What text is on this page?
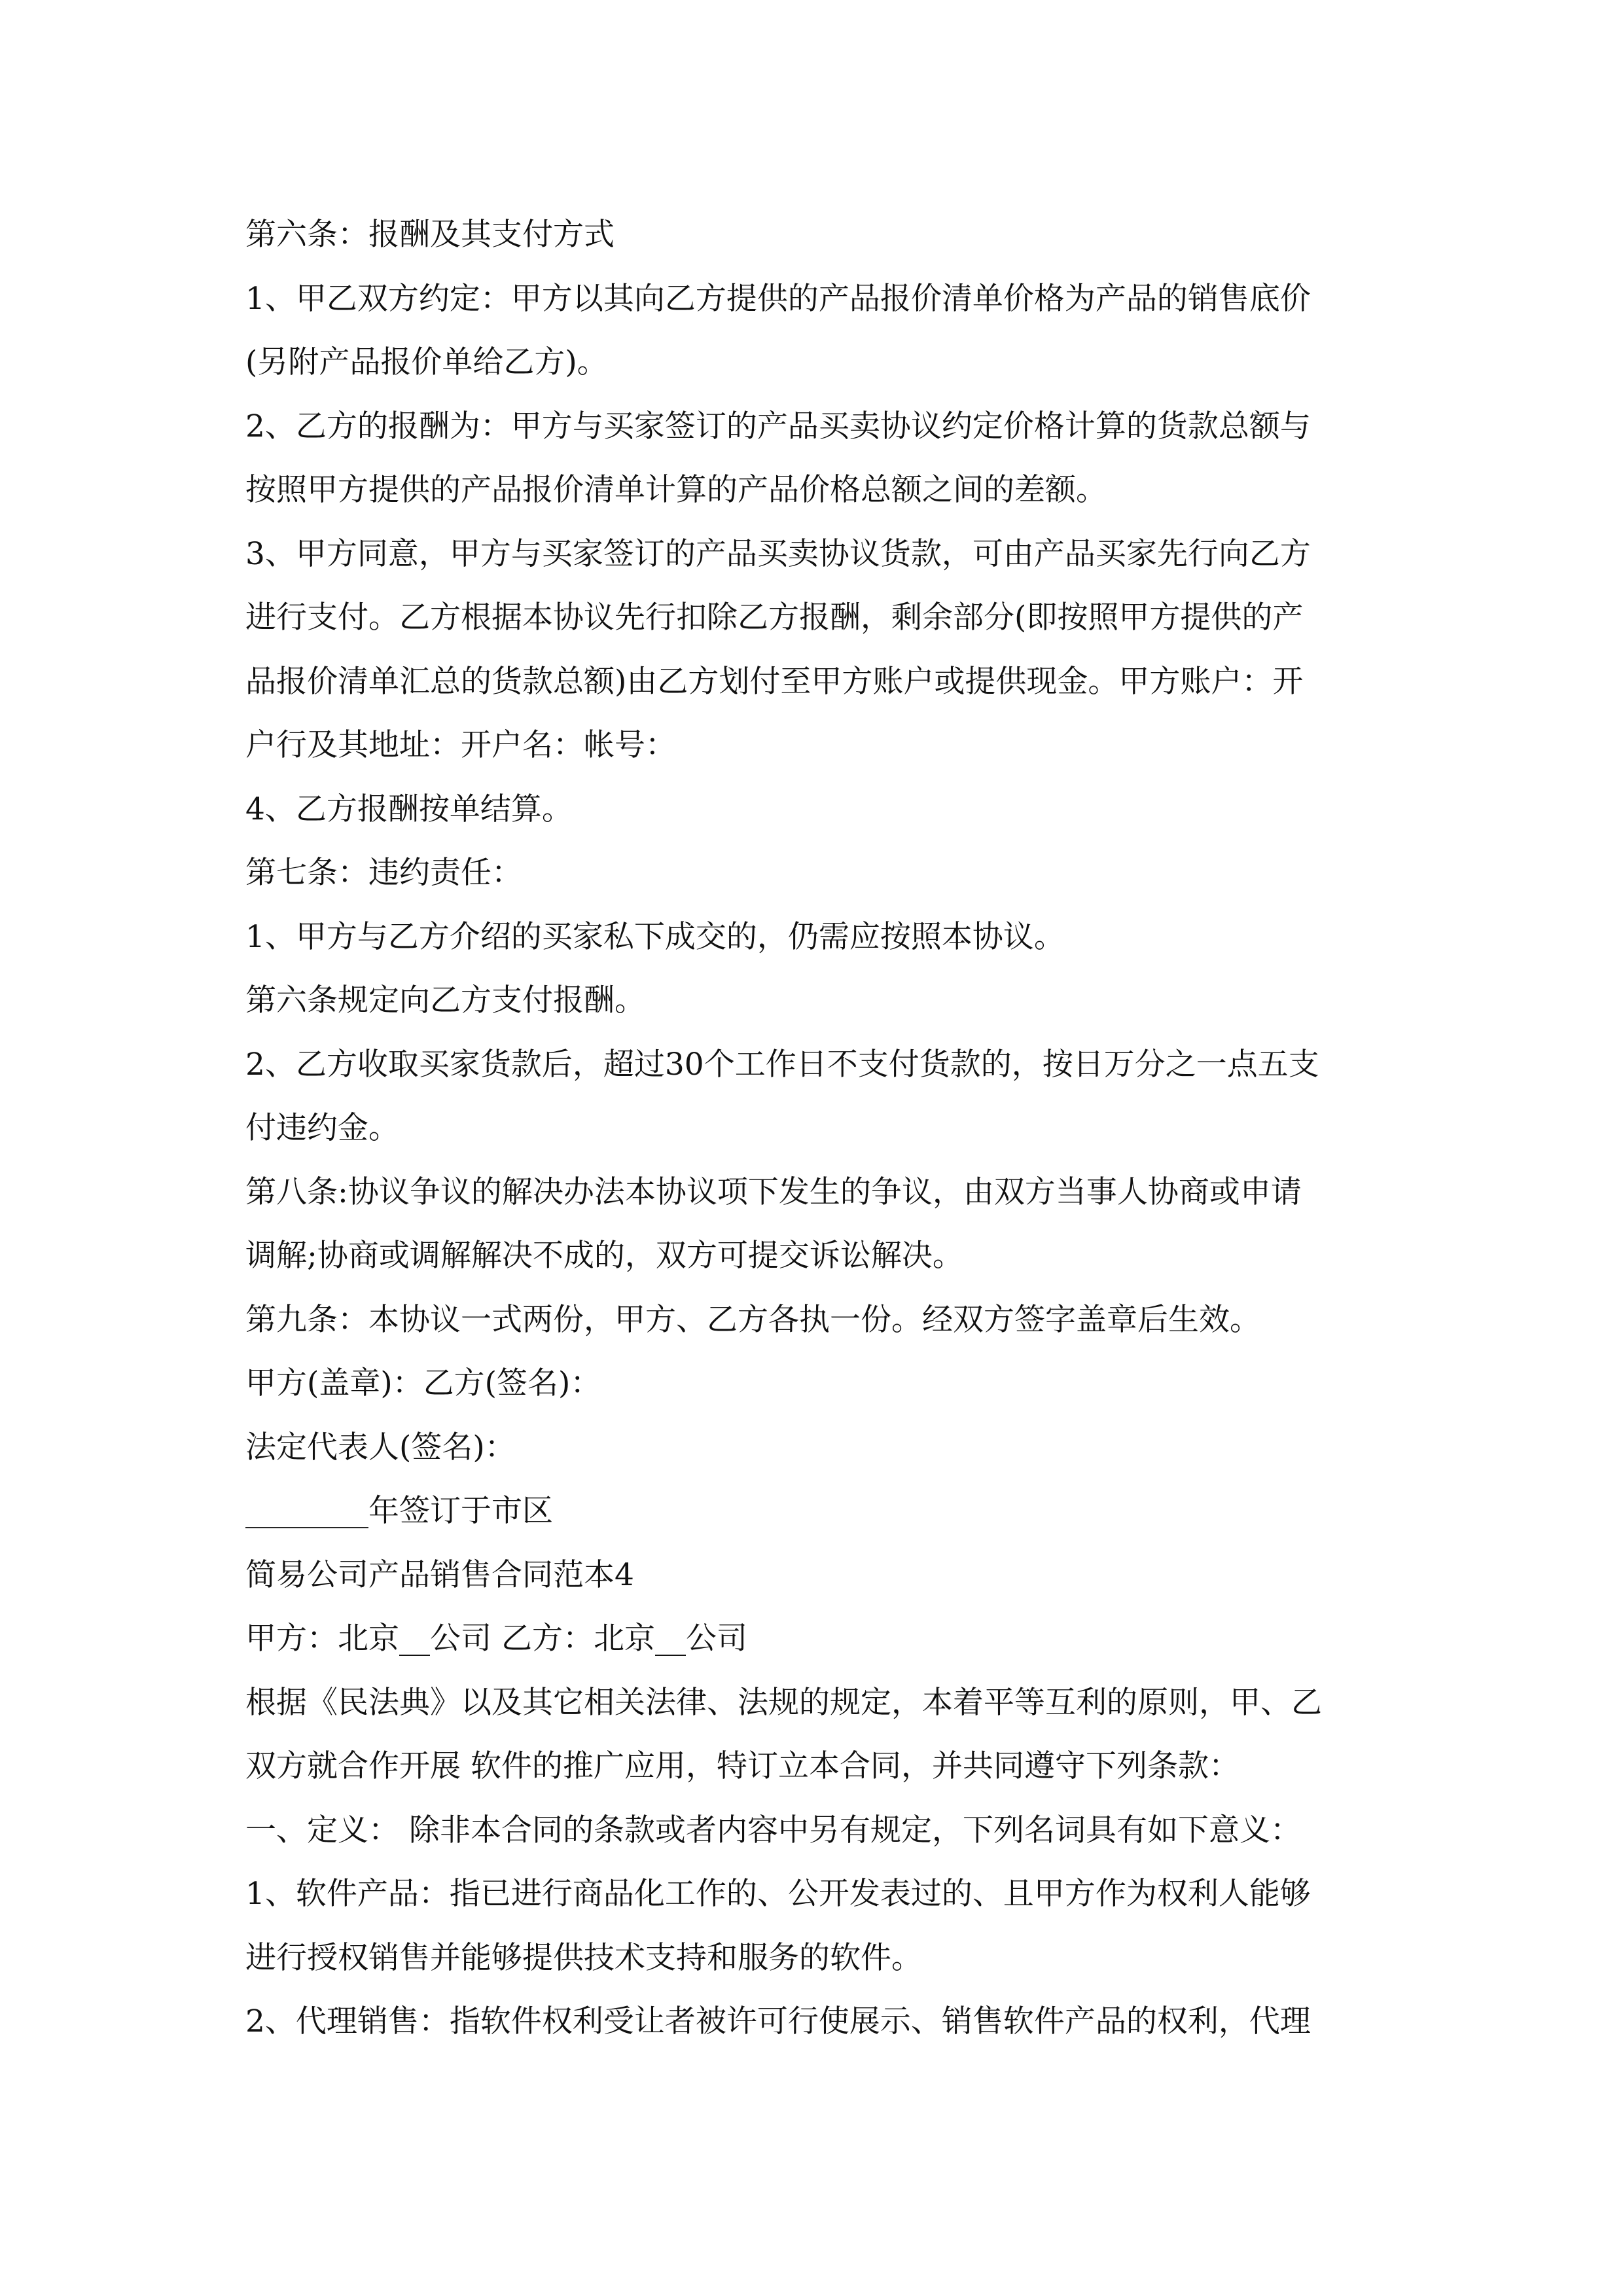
第六条：报酬及其支付方式
1、甲乙双方约定：甲方以其向乙方提供的产品报价清单价格为产品的销售底价
(另附产品报价单给乙方)。
2、乙方的报酬为：甲方与买家签订的产品买卖协议约定价格计算的货款总额与
按照甲方提供的产品报价清单计算的产品价格总额之间的差额。
3、甲方同意，甲方与买家签订的产品买卖协议货款，可由产品买家先行向乙方
进行支付。乙方根据本协议先行扣除乙方报酬，剩余部分(即按照甲方提供的产
品报价清单汇总的货款总额)由乙方划付至甲方账户或提供现金。甲方账户：开
户行及其地址：开户名：帐号：
4、乙方报酬按单结算。
第七条：违约责任：
1、甲方与乙方介绍的买家私下成交的，仍需应按照本协议。
第六条规定向乙方支付报酬。
2、乙方收取买家货款后，超过30个工作日不支付货款的，按日万分之一点五支
付违约金。
第八条:协议争议的解决办法本协议项下发生的争议，由双方当事人协商或申请
调解;协商或调解解决不成的，双方可提交诉讼解决。
第九条：本协议一式两份，甲方、乙方各执一份。经双方签字盖章后生效。
甲方(盖章)：乙方(签名)：
法定代表人(签名)：
________年签订于市区
简易公司产品销售合同范本4
甲方：北京__公司 乙方：北京__公司
根据《民法典》以及其它相关法律、法规的规定，本着平等互利的原则，甲、乙
双方就合作开展 软件的推广应用，特订立本合同，并共同遵守下列条款：
一、定义： 除非本合同的条款或者内容中另有规定，下列名词具有如下意义：
1、软件产品：指已进行商品化工作的、公开发表过的、且甲方作为权利人能够
进行授权销售并能够提供技术支持和服务的软件。
2、代理销售：指软件权利受让者被许可行使展示、销售软件产品的权利，代理
